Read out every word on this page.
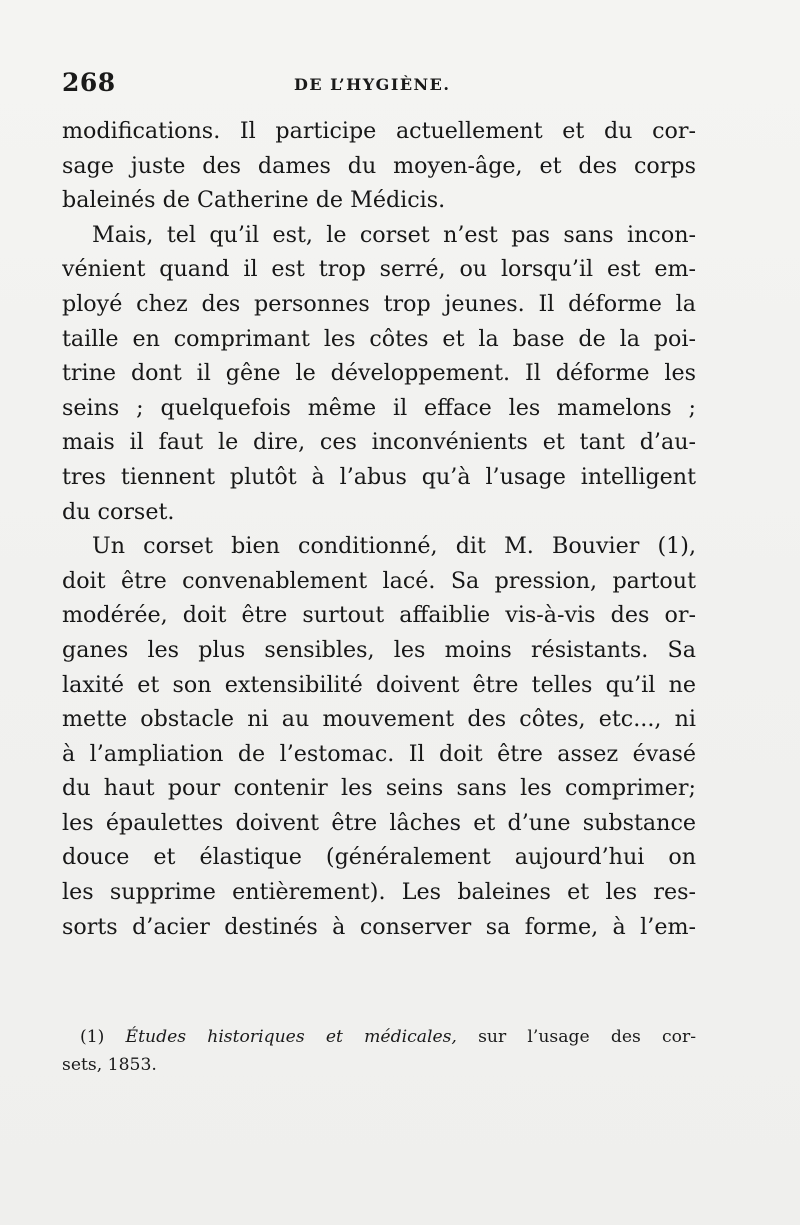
268	DE L’HYGIÈNE.
modifications. Il participe actuellement et du cor-
sage juste des dames du moyen-âge, et des corps
baleinés de Catherine de Médicis.
Mais, tel qu’il est, le corset n’est pas sans incon-
vénient quand il est trop serré, ou lorsqu’il est em-
ployé chez des personnes trop jeunes. Il déforme la
taille en comprimant les côtes et la base de la poi-
trine dont il gêne le développement. Il déforme les
seins ; quelquefois même il efface les mamelons ;
mais il faut le dire, ces inconvénients et tant d’au-
tres tiennent plutôt à l’abus qu’à l’usage intelligent
du corset.
Un corset bien conditionné, dit M. Bouvier (1),
doit être convenablement lacé. Sa pression, partout
modérée, doit être surtout affaiblie vis-à-vis des or-
ganes les plus sensibles, les moins résistants. Sa
laxité et son extensibilité doivent être telles qu’il ne
mette obstacle ni au mouvement des côtes, etc..., ni
à l’ampliation de l’estomac. Il doit être assez évasé
du haut pour contenir les seins sans les comprimer;
les épaulettes doivent être lâches et d’une substance
douce et élastique (généralement aujourd’hui on
les supprime entièrement). Les baleines et les res-
sorts d’acier destinés à conserver sa forme, à l’em-
(1) Études historiques et médicales, sur l’usage des cor-
sets, 1853.
